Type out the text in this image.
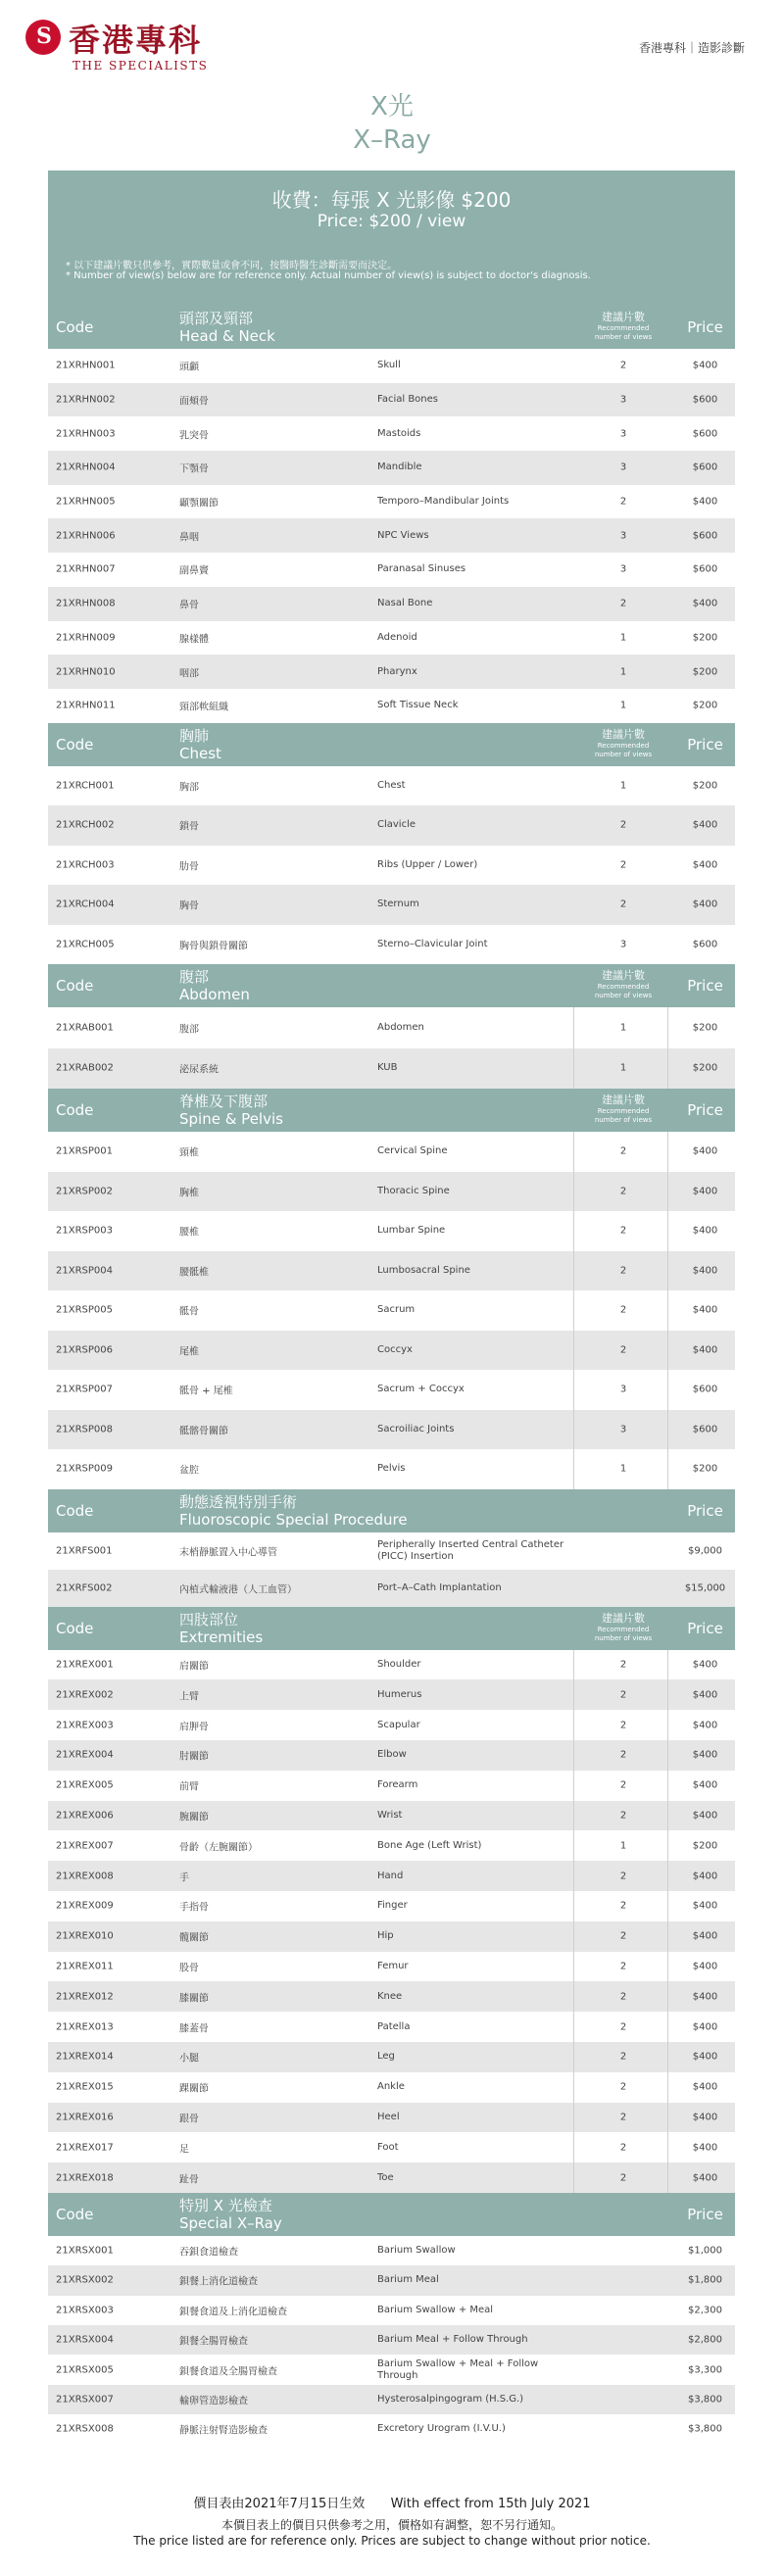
S
香港專科
THE SPECIALISTS
香港專科｜造影診斷
X光
X–Ray
收費：每張 X 光影像 $200
Price: $200 / view
* 以下建議片數只供參考，實際數量或會不同，按醫時醫生診斷需要而決定。
* Number of view(s) below are for reference only. Actual number of view(s) is subject to doctor's diagnosis.
Code	頭部及頸部
Head & Neck
建議片數
Recommended
number of views
Price
21XRHN001	頭顱	Skull	2	$400
21XRHN002	面頰骨	Facial Bones	3	$600
21XRHN003	乳突骨	Mastoids	3	$600
21XRHN004	下顎骨	Mandible	3	$600
21XRHN005	顳顎關節	Temporo–Mandibular Joints	2	$400
21XRHN006	鼻咽	NPC Views	3	$600
21XRHN007	副鼻竇	Paranasal Sinuses	3	$600
21XRHN008	鼻骨	Nasal Bone	2	$400
21XRHN009	腺樣體	Adenoid	1	$200
21XRHN010	咽部	Pharynx	1	$200
21XRHN011	頸部軟組織	Soft Tissue Neck	1	$200
Code	胸肺
Chest
建議片數
Recommended
number of views
Price
21XRCH001	胸部	Chest	1	$200
21XRCH002	鎖骨	Clavicle	2	$400
21XRCH003	肋骨	Ribs (Upper / Lower)	2	$400
21XRCH004	胸骨	Sternum	2	$400
21XRCH005	胸骨與鎖骨關節	Sterno–Clavicular Joint	3	$600
Code	腹部
Abdomen
建議片數
Recommended
number of views
Price
21XRAB001	腹部	Abdomen	1	$200
21XRAB002	泌尿系統	KUB	1	$200
Code	脊椎及下腹部
Spine & Pelvis
建議片數
Recommended
number of views
Price
21XRSP001	頸椎	Cervical Spine	2	$400
21XRSP002	胸椎	Thoracic Spine	2	$400
21XRSP003	腰椎	Lumbar Spine	2	$400
21XRSP004	腰骶椎	Lumbosacral Spine	2	$400
21XRSP005	骶骨	Sacrum	2	$400
21XRSP006	尾椎	Coccyx	2	$400
21XRSP007	骶骨 + 尾椎	Sacrum + Coccyx	3	$600
21XRSP008	骶髂骨關節	Sacroiliac Joints	3	$600
21XRSP009	盆腔	Pelvis	1	$200
Code	動態透視特別手術
Fluoroscopic Special Procedure	Price
21XRFS001	末梢靜脈置入中心導管
Peripherally Inserted Central Catheter (PICC) Insertion	$9,000
21XRFS002	內植式輸液港（人工血管）	Port–A–Cath Implantation	$15,000
Code	四肢部位
Extremities
建議片數
Recommended
number of views
Price
21XREX001	肩關節	Shoulder	2	$400
21XREX002	上臂	Humerus	2	$400
21XREX003	肩胛骨	Scapular	2	$400
21XREX004	肘關節	Elbow	2	$400
21XREX005	前臂	Forearm	2	$400
21XREX006	腕關節	Wrist	2	$400
21XREX007	骨齡（左腕關節）	Bone Age (Left Wrist)	1	$200
21XREX008	手	Hand	2	$400
21XREX009	手指骨	Finger	2	$400
21XREX010	髖關節	Hip	2	$400
21XREX011	股骨	Femur	2	$400
21XREX012	膝關節	Knee	2	$400
21XREX013	膝蓋骨	Patella	2	$400
21XREX014	小腿	Leg	2	$400
21XREX015	踝關節	Ankle	2	$400
21XREX016	跟骨	Heel	2	$400
21XREX017	足	Foot	2	$400
21XREX018	趾骨	Toe	2	$400
Code	特別 X 光檢查
Special X–Ray	Price
21XRSX001	吞鋇食道檢查	Barium Swallow	$1,000
21XRSX002	鋇餐上消化道檢查	Barium Meal	$1,800
21XRSX003	鋇餐食道及上消化道檢查	Barium Swallow + Meal	$2,300
21XRSX004	鋇餐全腸胃檢查	Barium Meal + Follow Through	$2,800
21XRSX005	鋇餐食道及全腸胃檢查
Barium Swallow + Meal + Follow Through	$3,300
21XRSX007	輸卵管造影檢查	Hysterosalpingogram (H.S.G.)	$3,800
21XRSX008	靜脈注射腎造影檢查	Excretory Urogram (I.V.U.)	$3,800
價目表由2021年7月15日生效 With effect from 15th July 2021
本價目表上的價目只供參考之用，價格如有調整，恕不另行通知。
The price listed are for reference only. Prices are subject to change without prior notice.
